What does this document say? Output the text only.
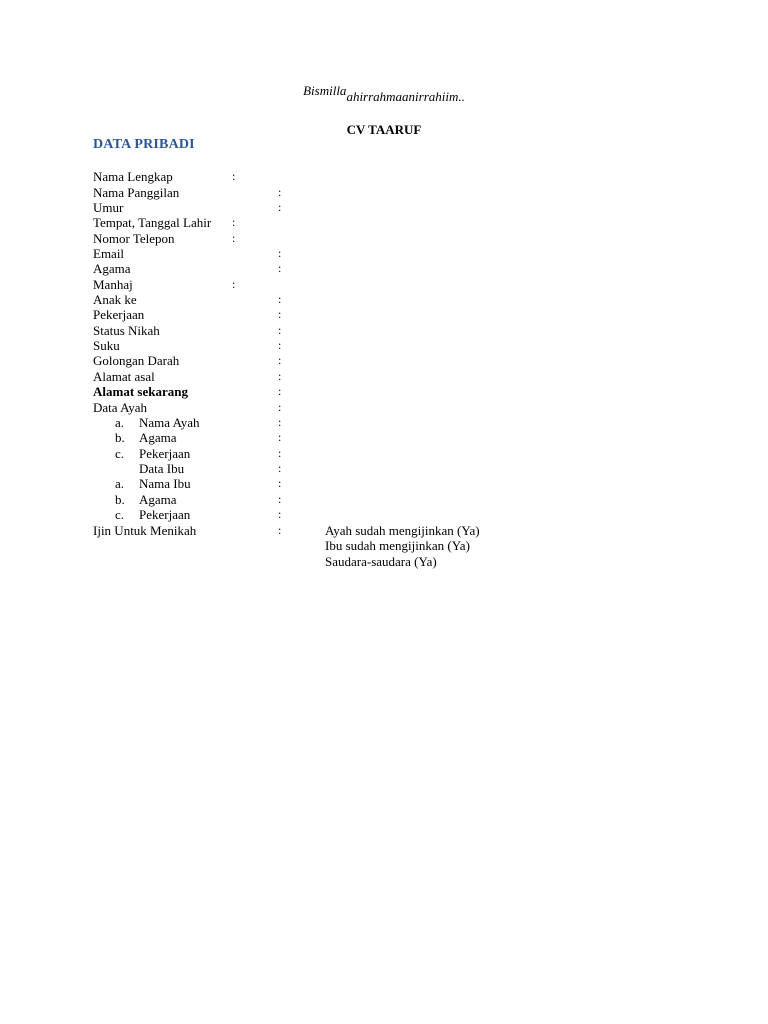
Bismillaahirrahmaanirrahiim..
CV TAARUF
DATA PRIBADI
Nama Lengkap	:
Nama Panggilan	:
Umur	:
Tempat, Tanggal Lahir :
Nomor Telepon	:
Email	:
Agama	:
Manhaj	:
Anak ke	:
Pekerjaan	:
Status Nikah	:
Suku	:
Golongan Darah	:
Alamat asal	:
Alamat sekarang	:
Data Ayah	:
a. Nama Ayah	:
b. Agama	:
c. Pekerjaan	:
Data Ibu	:
a. Nama Ibu	:
b. Agama	:
c. Pekerjaan	:
Ijin Untuk Menikah	:	Ayah sudah mengijinkan (Ya)
Ibu sudah mengijinkan (Ya)
Saudara-saudara (Ya)
